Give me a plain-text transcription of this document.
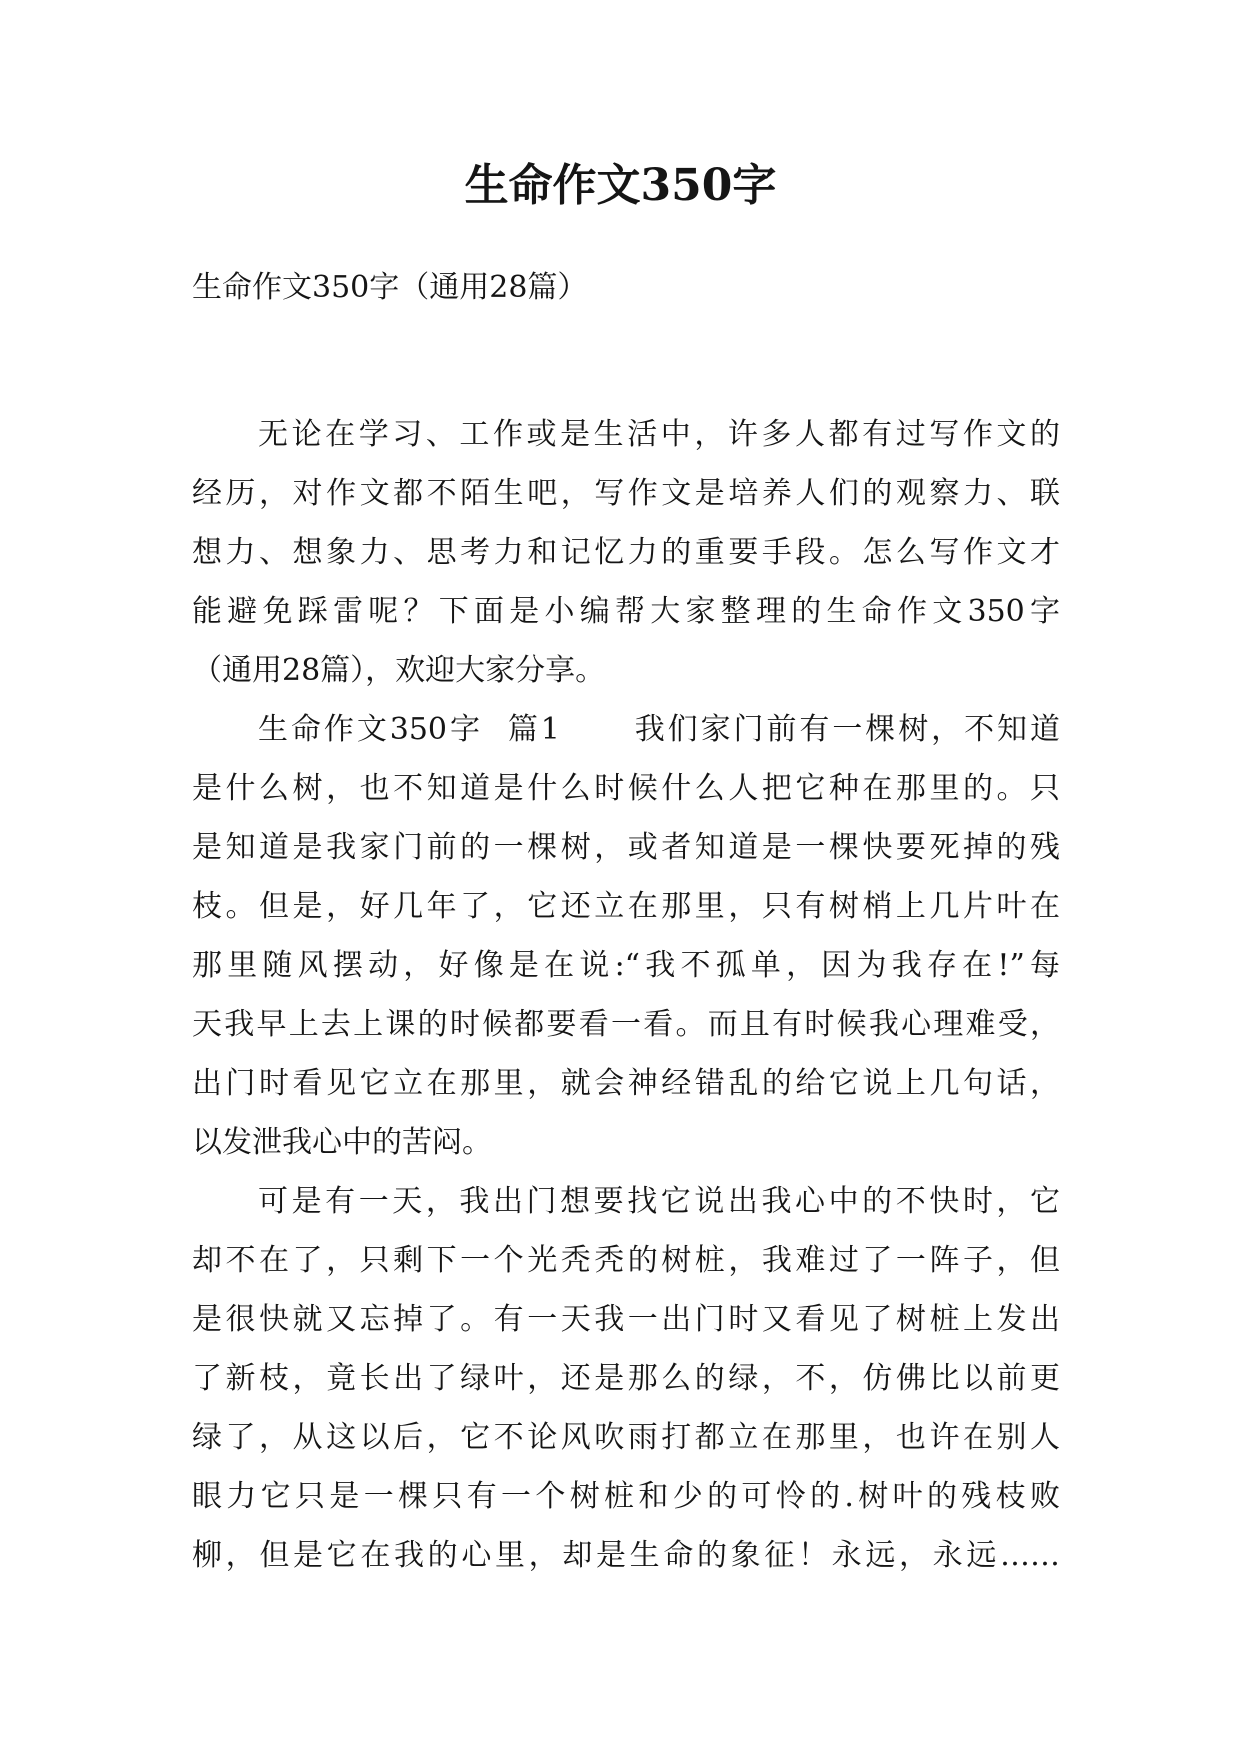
生命作文350字
生命作文350字（通用28篇）
无论在学习、工作或是生活中，许多人都有过写作文的
经历，对作文都不陌生吧，写作文是培养人们的观察力、联
想力、想象力、思考力和记忆力的重要手段。怎么写作文才
能避免踩雷呢？下面是小编帮大家整理的生命作文350字
（通用28篇），欢迎大家分享。
生命作文350字  篇1      我们家门前有一棵树，不知道
是什么树，也不知道是什么时候什么人把它种在那里的。只
是知道是我家门前的一棵树，或者知道是一棵快要死掉的残
枝。但是，好几年了，它还立在那里，只有树梢上几片叶在
那里随风摆动，好像是在说:“我不孤单，因为我存在!”每
天我早上去上课的时候都要看一看。而且有时候我心理难受，
出门时看见它立在那里，就会神经错乱的给它说上几句话，
以发泄我心中的苦闷。
可是有一天，我出门想要找它说出我心中的不快时，它
却不在了，只剩下一个光秃秃的树桩，我难过了一阵子，但
是很快就又忘掉了。有一天我一出门时又看见了树桩上发出
了新枝，竟长出了绿叶，还是那么的绿，不，仿佛比以前更
绿了，从这以后，它不论风吹雨打都立在那里，也许在别人
眼力它只是一棵只有一个树桩和少的可怜的.树叶的残枝败
柳，但是它在我的心里，却是生命的象征！永远，永远……
